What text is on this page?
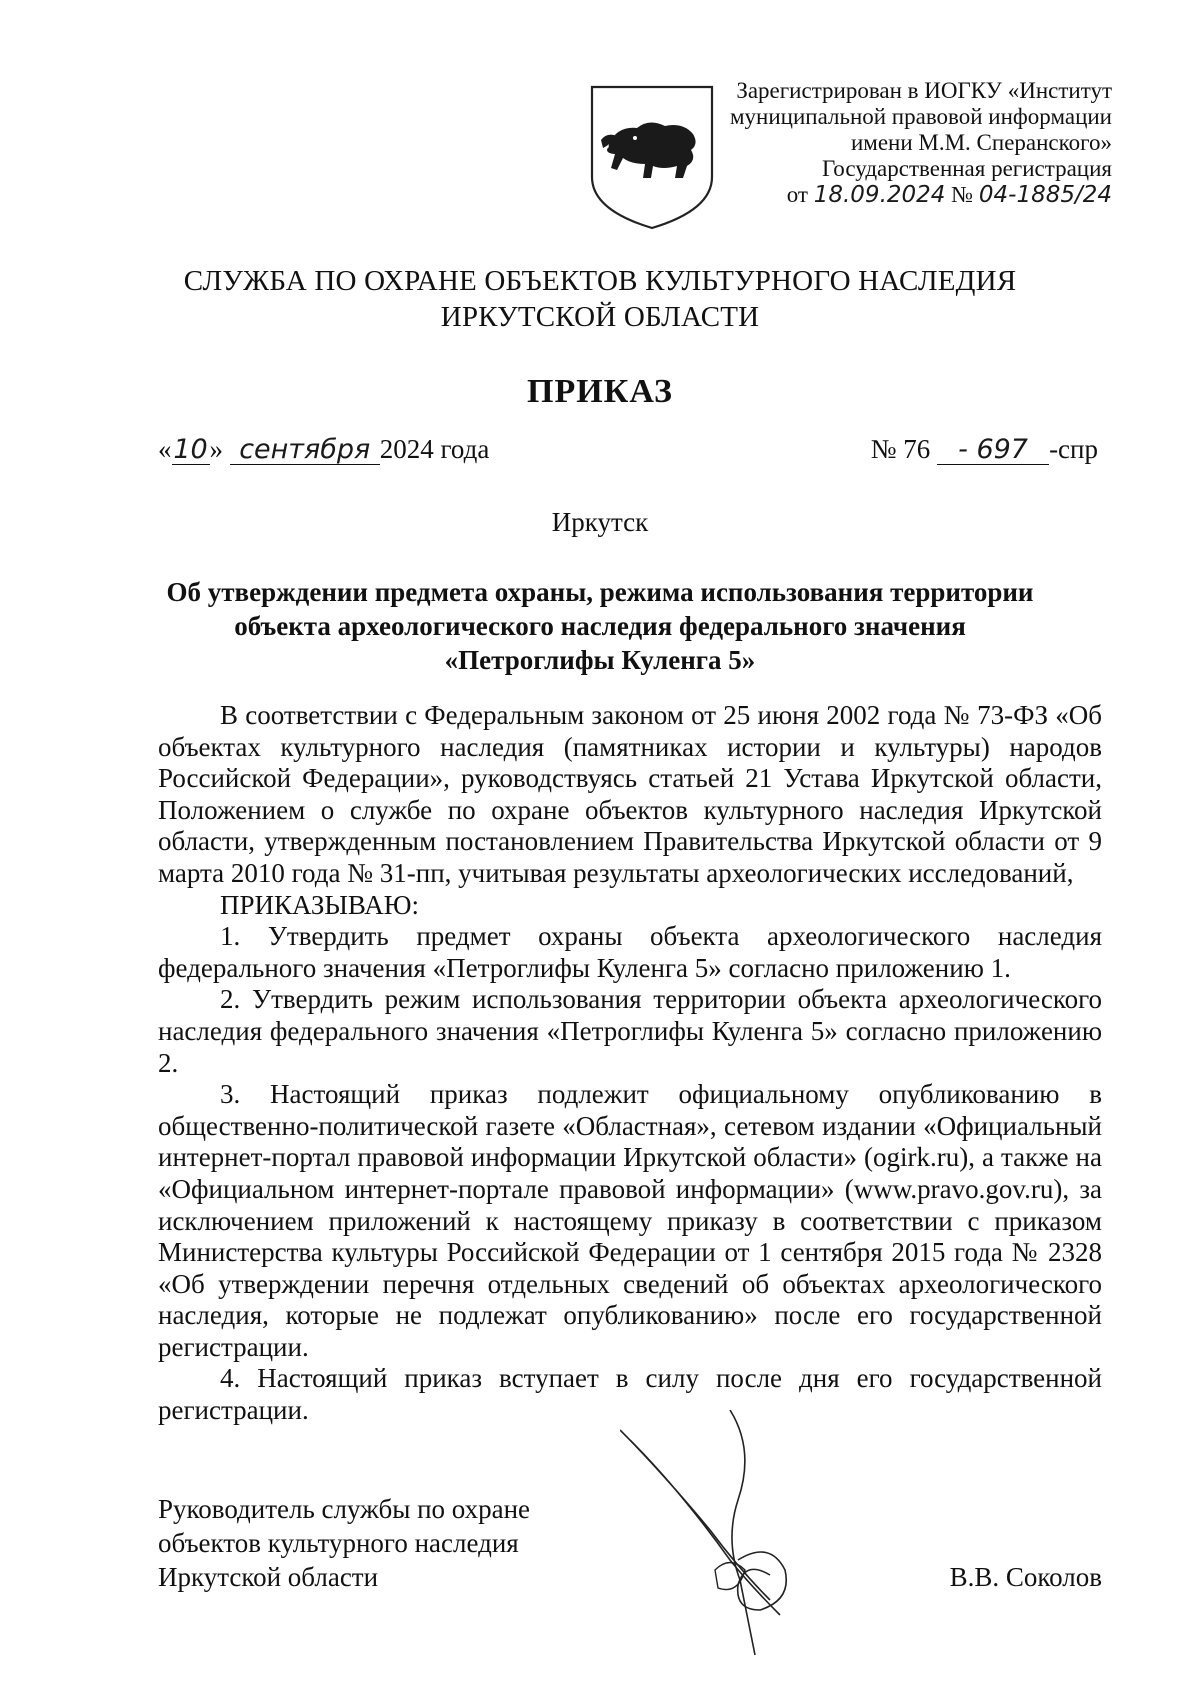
Зарегистрирован в ИОГКУ «Институт
муниципальной правовой информации
имени М.М. Сперанского»
Государственная регистрация
от 18.09.2024 № 04-1885/24
СЛУЖБА ПО ОХРАНЕ ОБЪЕКТОВ КУЛЬТУРНОГО НАСЛЕДИЯ
ИРКУТСКОЙ ОБЛАСТИ
ПРИКАЗ
«10» сентября 2024 года	№ 76 - 697 -спр
Иркутск
Об утверждении предмета охраны, режима использования территории
объекта археологического наследия федерального значения
«Петроглифы Куленга 5»

В соответствии с Федеральным законом от 25 июня 2002 года № 73-ФЗ «Об объектах культурного наследия (памятниках истории и культуры) народов Российской Федерации», руководствуясь статьей 21 Устава Иркутской области, Положением о службе по охране объектов культурного наследия Иркутской области, утвержденным постановлением Правительства Иркутской области от 9 марта 2010 года № 31-пп, учитывая результаты археологических исследований,

ПРИКАЗЫВАЮ:

1. Утвердить предмет охраны объекта археологического наследия федерального значения «Петроглифы Куленга 5» согласно приложению 1.

2. Утвердить режим использования территории объекта археологического наследия федерального значения «Петроглифы Куленга 5» согласно приложению 2.

3. Настоящий приказ подлежит официальному опубликованию в общественно-политической газете «Областная», сетевом издании «Официальный интернет-портал правовой информации Иркутской области» (ogirk.ru), а также на «Официальном интернет-портале правовой информации» (www.pravo.gov.ru), за исключением приложений к настоящему приказу в соответствии с приказом Министерства культуры Российской Федерации от 1 сентября 2015 года № 2328 «Об утверждении перечня отдельных сведений об объектах археологического наследия, которые не подлежат опубликованию» после его государственной регистрации.

4. Настоящий приказ вступает в силу после дня его государственной регистрации.

Руководитель службы по охране
объектов культурного наследия
Иркутской области	В.В. Соколов
